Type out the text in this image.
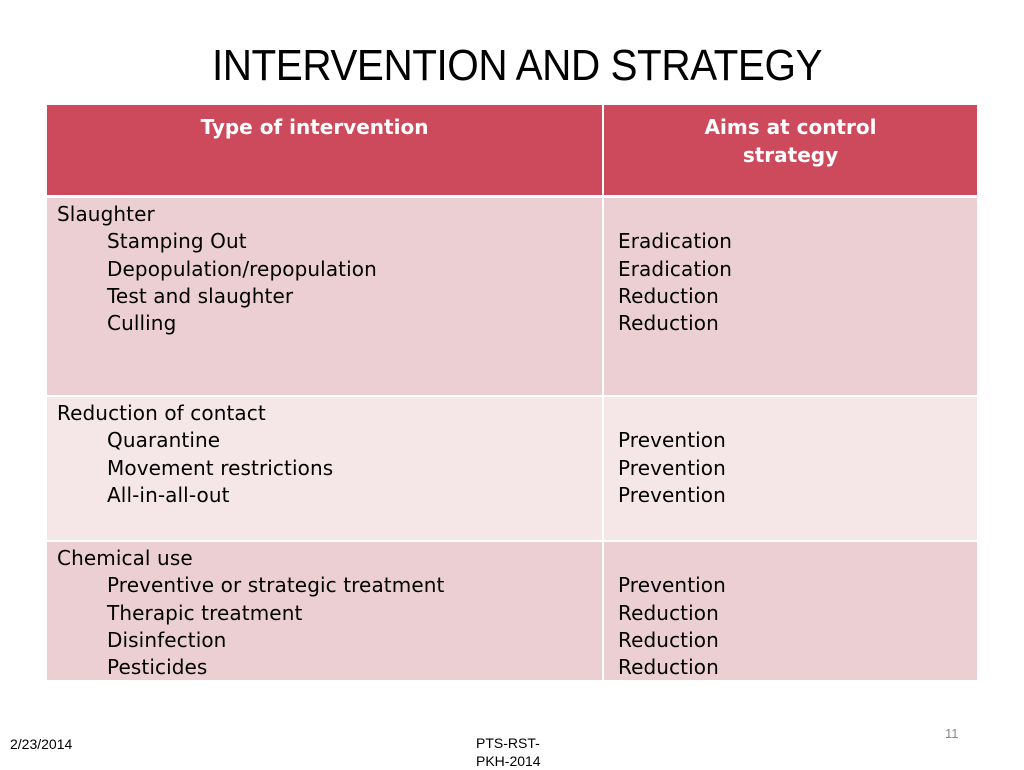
INTERVENTION AND STRATEGY
Type of intervention	Aims at control
strategy
Slaughter
Stamping Out
Depopulation/repopulation
Test and slaughter
Culling
Eradication
Eradication
Reduction
Reduction
Reduction of contact
Quarantine
Movement restrictions
All-in-all-out
Prevention
Prevention
Prevention
Chemical use
Preventive or strategic treatment
Therapic treatment
Disinfection
Pesticides
Prevention
Reduction
Reduction
Reduction
11
2/23/2014	PTS-RST-
PKH-2014
